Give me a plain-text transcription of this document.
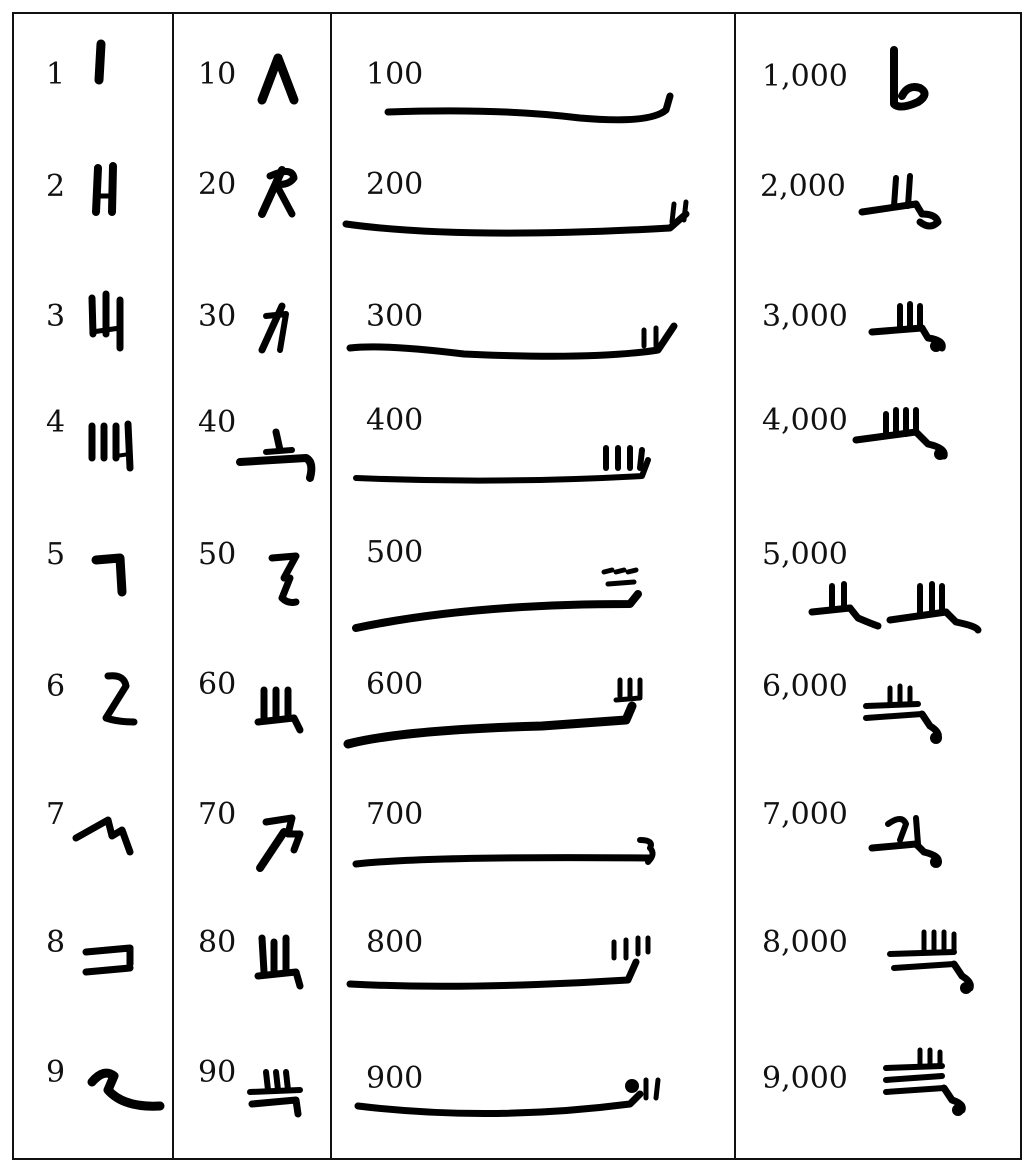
1
2
3
4
5
6
7
8
9
10
20
30
40
50
60
70
80
90
100
200
300
400
500
600
700
800
900
1,000
2,000
3,000
4,000
5,000
6,000
7,000
8,000
9,000
